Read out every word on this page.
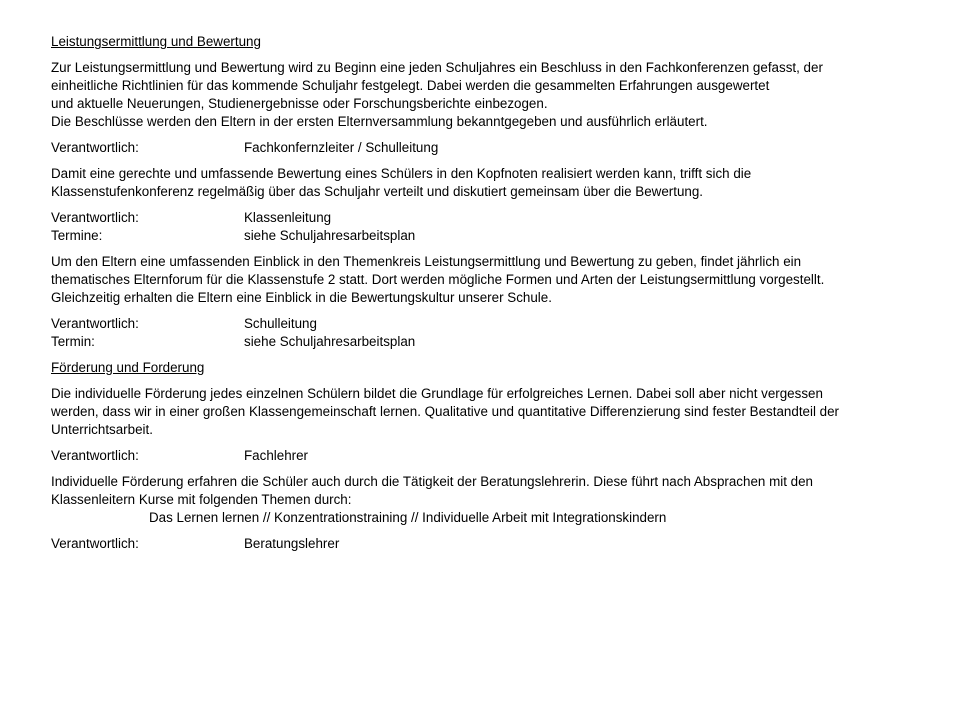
Leistungsermittlung und Bewertung
Zur Leistungsermittlung und Bewertung wird zu Beginn eine jeden Schuljahres ein Beschluss in den Fachkonferenzen gefasst, der
einheitliche Richtlinien für das kommende Schuljahr festgelegt. Dabei werden die gesammelten Erfahrungen ausgewertet
und aktuelle Neuerungen, Studienergebnisse oder Forschungsberichte einbezogen.
Die Beschlüsse werden den Eltern in der ersten Elternversammlung bekanntgegeben und ausführlich erläutert.
Verantwortlich:	Fachkonfernzleiter / Schulleitung
Damit eine gerechte und umfassende Bewertung eines Schülers in den Kopfnoten realisiert werden kann, trifft sich die
Klassenstufenkonferenz regelmäßig über das Schuljahr verteilt und diskutiert gemeinsam über die Bewertung.
Verantwortlich:	Klassenleitung
Termine:	siehe Schuljahresarbeitsplan
Um den Eltern eine umfassenden Einblick in den Themenkreis Leistungsermittlung und Bewertung zu geben, findet jährlich ein
thematisches Elternforum für die Klassenstufe 2 statt. Dort werden mögliche Formen und Arten der Leistungsermittlung vorgestellt.
Gleichzeitig erhalten die Eltern eine Einblick in die Bewertungskultur unserer Schule.
Verantwortlich:	Schulleitung
Termin:	siehe Schuljahresarbeitsplan
Förderung und Forderung
Die individuelle Förderung jedes einzelnen Schülern bildet die Grundlage für erfolgreiches Lernen. Dabei soll aber nicht vergessen
werden, dass wir in einer großen Klassengemeinschaft lernen. Qualitative und quantitative Differenzierung sind fester Bestandteil der
Unterrichtsarbeit.
Verantwortlich:	Fachlehrer
Individuelle Förderung erfahren die Schüler auch durch die Tätigkeit der Beratungslehrerin. Diese führt nach Absprachen mit den
Klassenleitern Kurse mit folgenden Themen durch:
Das Lernen lernen // Konzentrationstraining // Individuelle Arbeit mit Integrationskindern
Verantwortlich:	Beratungslehrer
